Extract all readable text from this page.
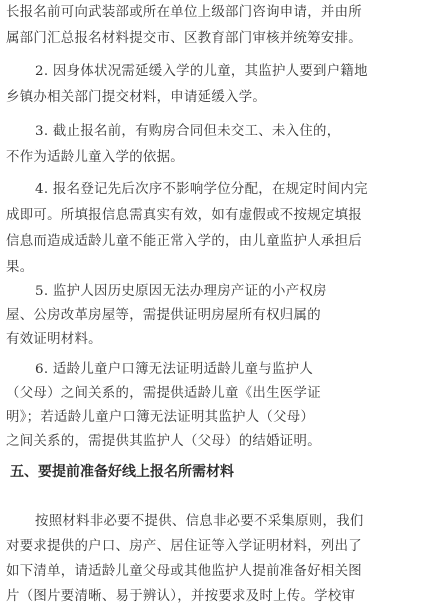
长报名前可向武装部或所在单位上级部门咨询申请，并由所
属部门汇总报名材料提交市、区教育部门审核并统筹安排。
2. 因身体状况需延缓入学的儿童，其监护人要到户籍地
乡镇办相关部门提交材料，申请延缓入学。
3. 截止报名前，有购房合同但未交工、未入住的，
不作为适龄儿童入学的依据。
4. 报名登记先后次序不影响学位分配，在规定时间内完
成即可。所填报信息需真实有效，如有虚假或不按规定填报
信息而造成适龄儿童不能正常入学的，由儿童监护人承担后
果。
5. 监护人因历史原因无法办理房产证的小产权房
屋、公房改革房屋等，需提供证明房屋所有权归属的
有效证明材料。
6. 适龄儿童户口簿无法证明适龄儿童与监护人
（父母）之间关系的，需提供适龄儿童《出生医学证
明》；若适龄儿童户口簿无法证明其监护人（父母）
之间关系的，需提供其监护人（父母）的结婚证明。
五、要提前准备好线上报名所需材料
按照材料非必要不提供、信息非必要不采集原则，我们
对要求提供的户口、房产、居住证等入学证明材料，列出了
如下清单，请适龄儿童父母或其他监护人提前准备好相关图
片（图片要清晰、易于辨认），并按要求及时上传。学校审
